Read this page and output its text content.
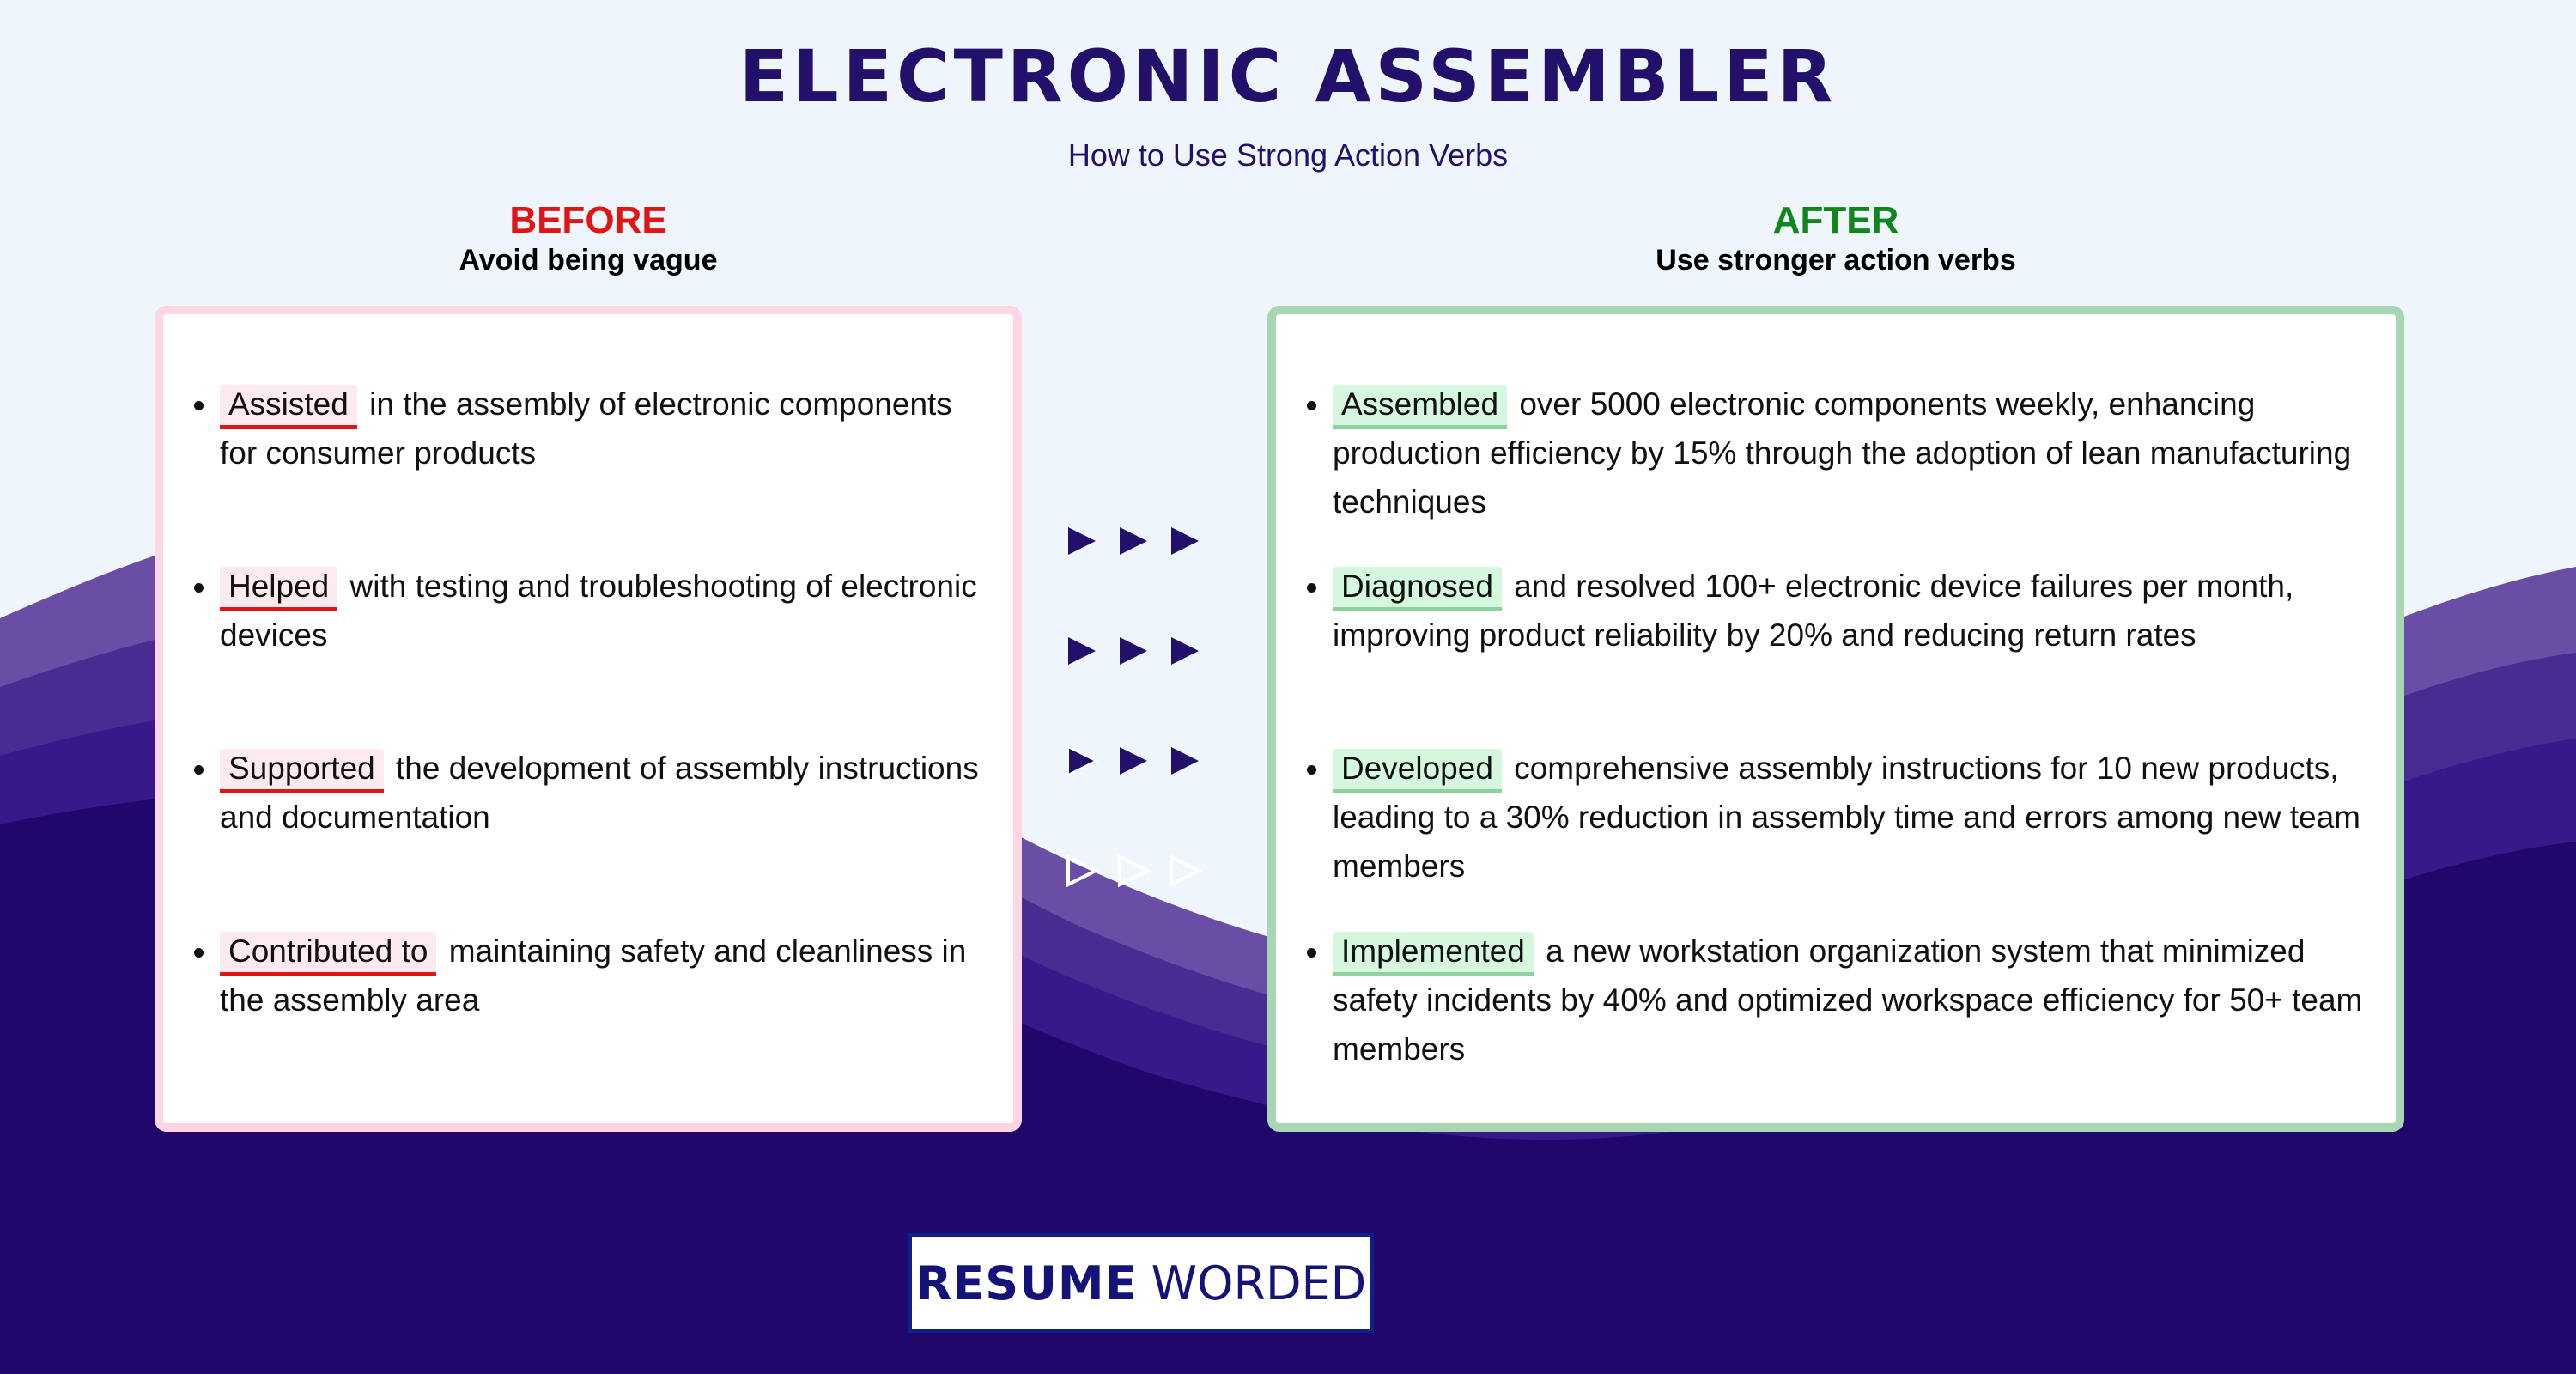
ELECTRONIC ASSEMBLER
How to Use Strong Action Verbs
BEFORE
Avoid being vague
AFTER
Use stronger action verbs
Assisted in the assembly of electronic components for consumer products
Helped with testing and troubleshooting of electronic devices
Supported the development of assembly instructions and documentation
Contributed to maintaining safety and cleanliness in the assembly area
Assembled over 5000 electronic components weekly, enhancing production efficiency by 15% through the adoption of lean manufacturing techniques
Diagnosed and resolved 100+ electronic device failures per month, improving product reliability by 20% and reducing return rates
Developed comprehensive assembly instructions for 10 new products, leading to a 30% reduction in assembly time and errors among new team members
Implemented a new workstation organization system that minimized safety incidents by 40% and optimized workspace efficiency for 50+ team members
RESUME WORDED
